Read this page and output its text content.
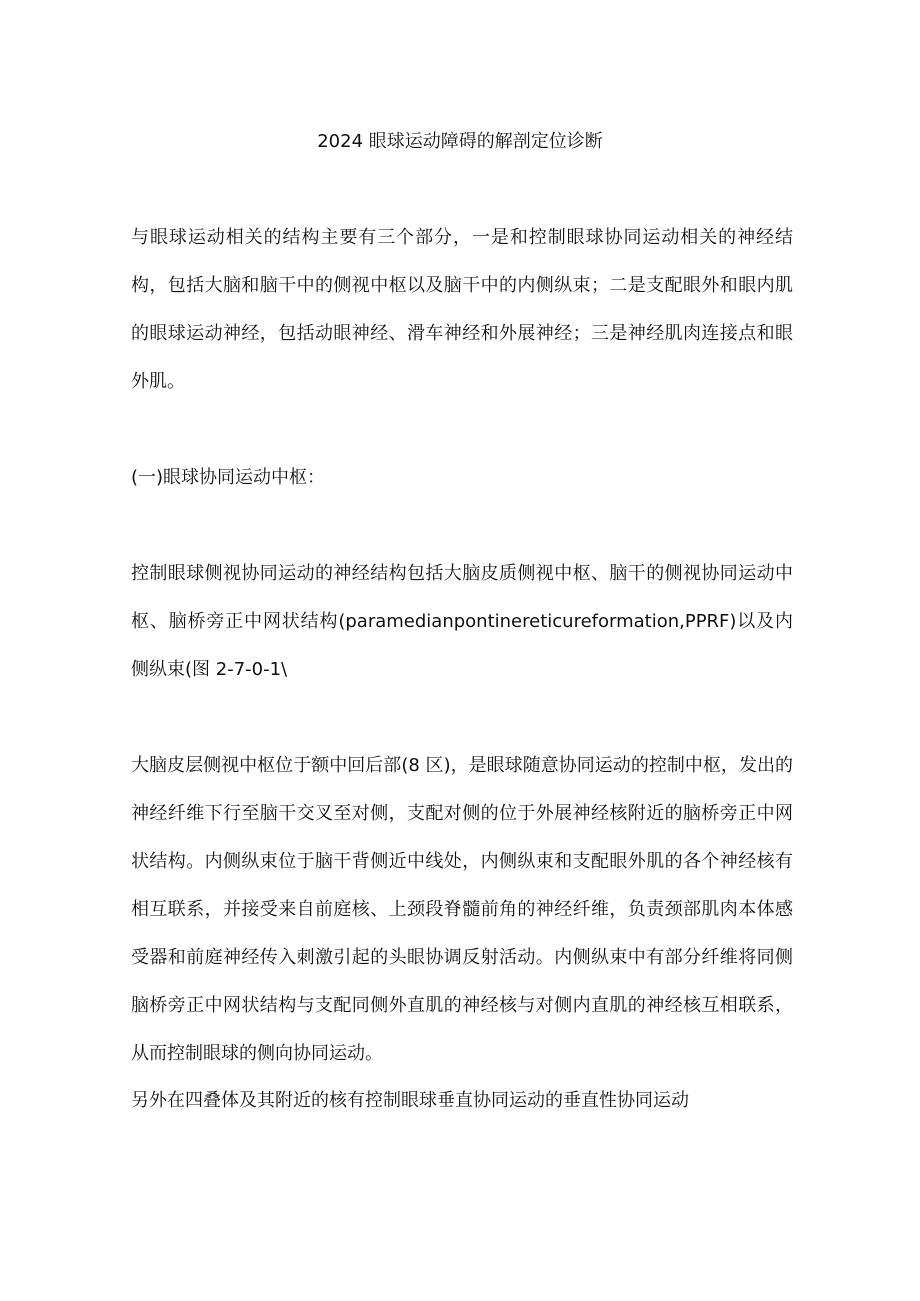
2024 眼球运动障碍的解剖定位诊断

与眼球运动相关的结构主要有三个部分，一是和控制眼球协同运动相关的神经结构，包括大脑和脑干中的侧视中枢以及脑干中的内侧纵束；二是支配眼外和眼内肌的眼球运动神经，包括动眼神经、滑车神经和外展神经；三是神经肌肉连接点和眼外肌。

(一)眼球协同运动中枢：

控制眼球侧视协同运动的神经结构包括大脑皮质侧视中枢、脑干的侧视协同运动中枢、脑桥旁正中网状结构(paramedianpontinereticureformation,PPRF)以及内侧纵束(图 2-7-0-1\

大脑皮层侧视中枢位于额中回后部(8 区)，是眼球随意协同运动的控制中枢，发出的神经纤维下行至脑干交叉至对侧，支配对侧的位于外展神经核附近的脑桥旁正中网状结构。内侧纵束位于脑干背侧近中线处，内侧纵束和支配眼外肌的各个神经核有相互联系，并接受来自前庭核、上颈段脊髓前角的神经纤维，负责颈部肌肉本体感受器和前庭神经传入刺激引起的头眼协调反射活动。内侧纵束中有部分纤维将同侧脑桥旁正中网状结构与支配同侧外直肌的神经核与对侧内直肌的神经核互相联系，从而控制眼球的侧向协同运动。

另外在四叠体及其附近的核有控制眼球垂直协同运动的垂直性协同运动
